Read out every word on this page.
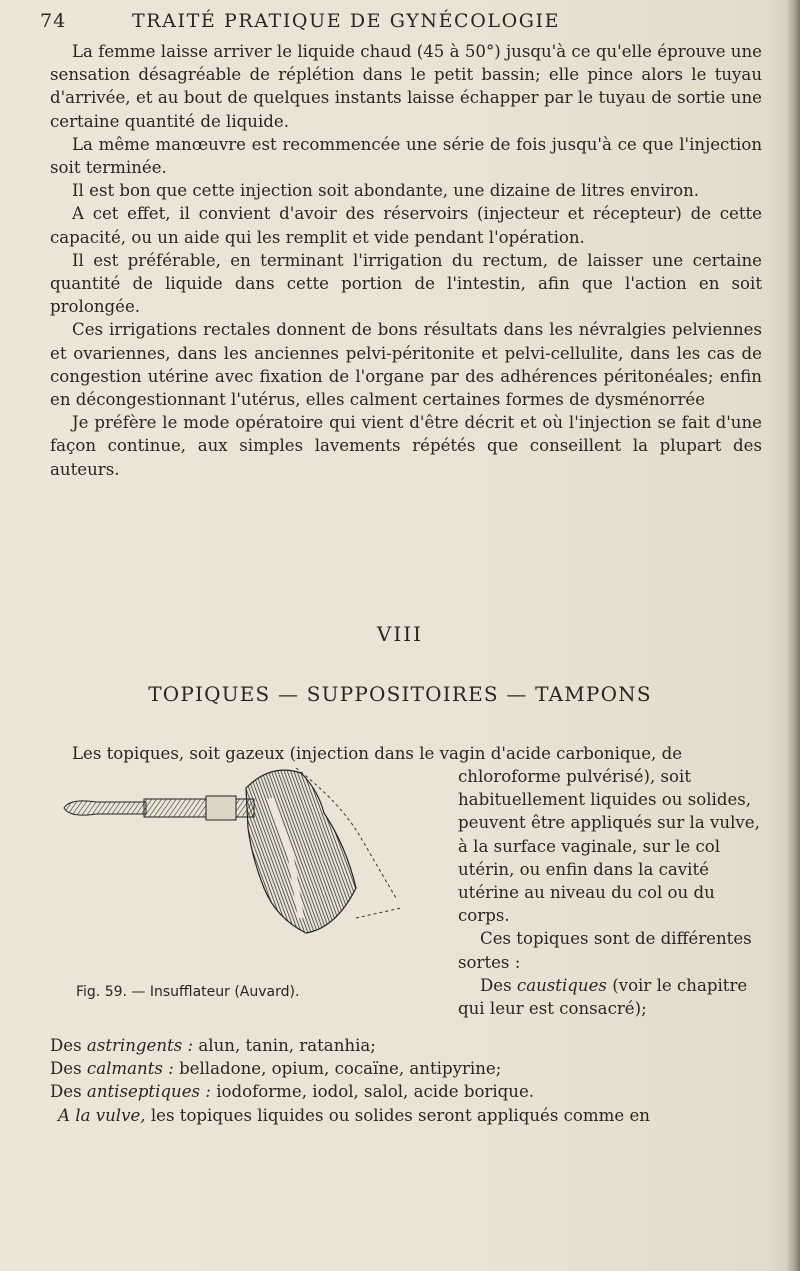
74	TRAITÉ PRATIQUE DE GYNÉCOLOGIE

La femme laisse arriver le liquide chaud (45 à 50°) jusqu'à ce qu'elle éprouve une sensation désagréable de réplétion dans le petit bassin; elle pince alors le tuyau d'arrivée, et au bout de quelques instants laisse échapper par le tuyau de sortie une certaine quantité de liquide.

La même manœuvre est recommencée une série de fois jusqu'à ce que l'injection soit terminée.

Il est bon que cette injection soit abondante, une dizaine de litres environ.

A cet effet, il convient d'avoir des réservoirs (injecteur et récepteur) de cette capacité, ou un aide qui les remplit et vide pendant l'opération.

Il est préférable, en terminant l'irrigation du rectum, de laisser une certaine quantité de liquide dans cette portion de l'intestin, afin que l'action en soit prolongée.

Ces irrigations rectales donnent de bons résultats dans les névralgies pelviennes et ovariennes, dans les anciennes pelvi-péritonite et pelvi-cellulite, dans les cas de congestion utérine avec fixation de l'organe par des adhérences péritonéales; enfin en décongestionnant l'utérus, elles calment certaines formes de dysménorrée

Je préfère le mode opératoire qui vient d'être décrit et où l'injection se fait d'une façon continue, aux simples lavements répétés que conseillent la plupart des auteurs.

VIII
TOPIQUES — SUPPOSITOIRES — TAMPONS
Les topiques, soit gazeux (injection dans le vagin d'acide carbonique, de
Fig. 59. — Insufflateur (Auvard).

chloroforme pulvérisé), soit habituellement liquides ou solides, peuvent être appliqués sur la vulve, à la surface vaginale, sur le col utérin, ou enfin dans la cavité utérine au niveau du col ou du corps.

Ces topiques sont de différentes sortes :

Des caustiques (voir le chapitre qui leur est consacré);

Des astringents : alun, tanin, ratanhia;

Des calmants : belladone, opium, cocaïne, antipyrine;

Des antiseptiques : iodoforme, iodol, salol, acide borique.

A la vulve, les topiques liquides ou solides seront appliqués comme en
